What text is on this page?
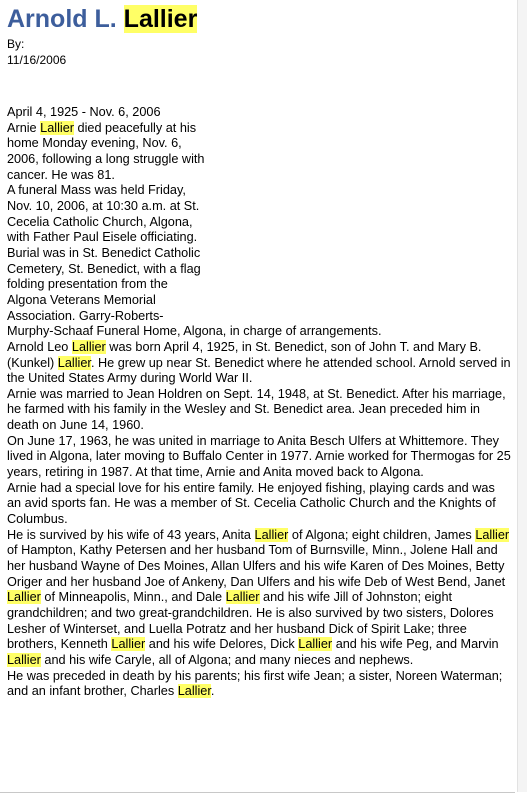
Arnold L. Lallier
By:
11/16/2006
April 4, 1925 - Nov. 6, 2006
Arnie Lallier died peacefully at his home Monday evening, Nov. 6, 2006, following a long struggle with cancer. He was 81.
A funeral Mass was held Friday, Nov. 10, 2006, at 10:30 a.m. at St. Cecelia Catholic Church, Algona, with Father Paul Eisele officiating. Burial was in St. Benedict Catholic Cemetery, St. Benedict, with a flag folding presentation from the Algona Veterans Memorial Association. Garry-Roberts-
Murphy-Schaaf Funeral Home, Algona, in charge of arrangements.
Arnold Leo Lallier was born April 4, 1925, in St. Benedict, son of John T. and Mary B. (Kunkel) Lallier. He grew up near St. Benedict where he attended school. Arnold served in the United States Army during World War II.
Arnie was married to Jean Holdren on Sept. 14, 1948, at St. Benedict. After his marriage, he farmed with his family in the Wesley and St. Benedict area. Jean preceded him in death on June 14, 1960.
On June 17, 1963, he was united in marriage to Anita Besch Ulfers at Whittemore. They lived in Algona, later moving to Buffalo Center in 1977. Arnie worked for Thermogas for 25 years, retiring in 1987. At that time, Arnie and Anita moved back to Algona.
Arnie had a special love for his entire family. He enjoyed fishing, playing cards and was an avid sports fan. He was a member of St. Cecelia Catholic Church and the Knights of Columbus.
He is survived by his wife of 43 years, Anita Lallier of Algona; eight children, James Lallier of Hampton, Kathy Petersen and her husband Tom of Burnsville, Minn., Jolene Hall and her husband Wayne of Des Moines, Allan Ulfers and his wife Karen of Des Moines, Betty Origer and her husband Joe of Ankeny, Dan Ulfers and his wife Deb of West Bend, Janet Lallier of Minneapolis, Minn., and Dale Lallier and his wife Jill of Johnston; eight grandchildren; and two great-grandchildren. He is also survived by two sisters, Dolores Lesher of Winterset, and Luella Potratz and her husband Dick of Spirit Lake; three brothers, Kenneth Lallier and his wife Delores, Dick Lallier and his wife Peg, and Marvin Lallier and his wife Caryle, all of Algona; and many nieces and nephews.
He was preceded in death by his parents; his first wife Jean; a sister, Noreen Waterman; and an infant brother, Charles Lallier.
